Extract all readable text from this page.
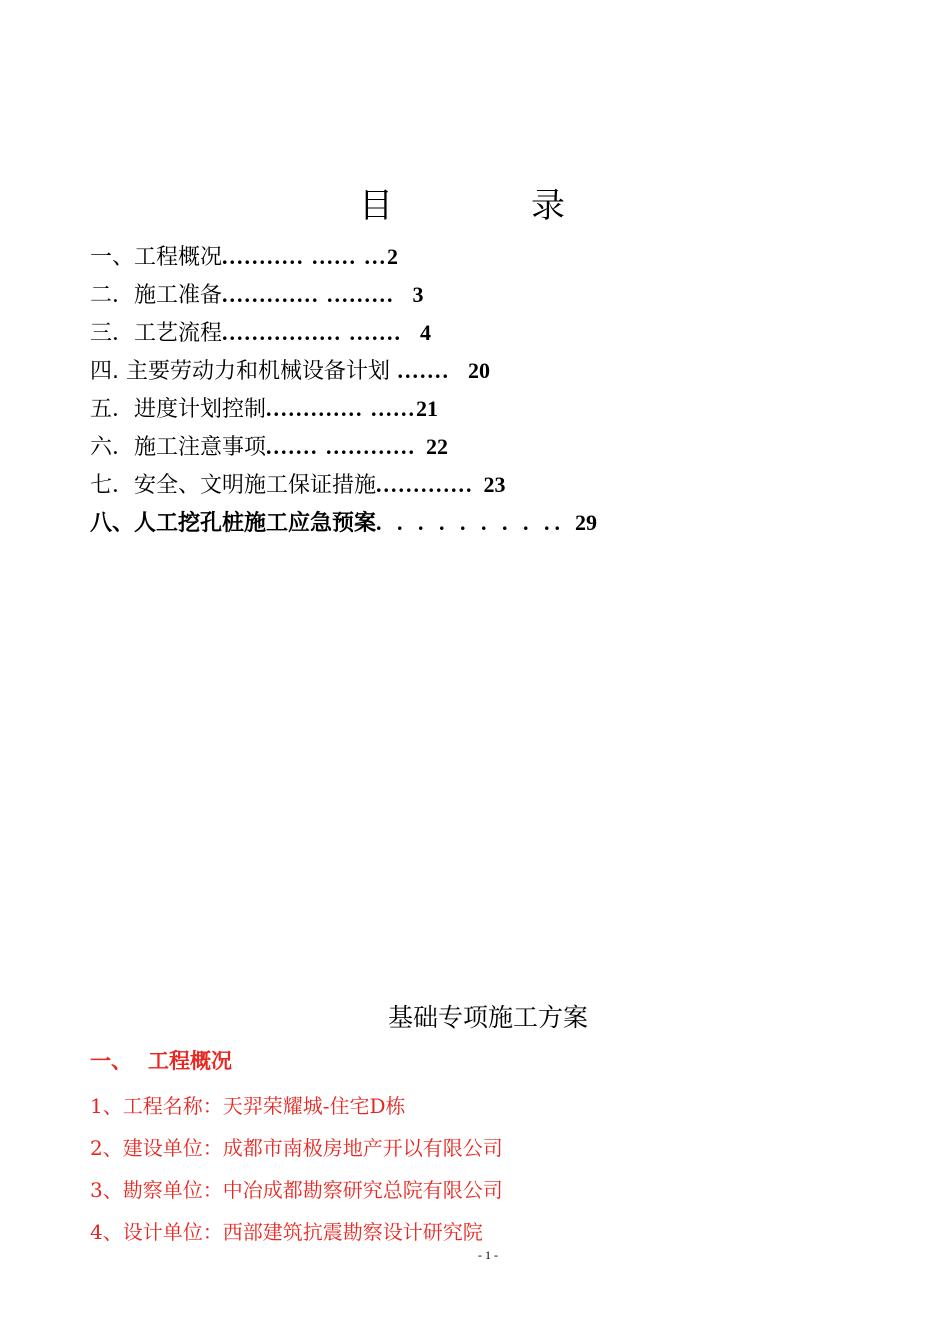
目　录
一、工程概况........... ...... ...2
二．施工准备............. ......... 3
三．工艺流程................ ....... 4
四. 主要劳动力和机械设备计划 ....... 20
五．进度计划控制............. ......21
六．施工注意事项....... ............ 22
七．安全、文明施工保证措施............. 23
八、人工挖孔桩施工应急预案. . . . . . . . .. 29
基础专项施工方案
一、 工程概况
1、工程名称：天羿荣耀城-住宅D栋
2、建设单位：成都市南极房地产开以有限公司
3、勘察单位：中冶成都勘察研究总院有限公司
4、设计单位：西部建筑抗震勘察设计研究院
- 1 -
